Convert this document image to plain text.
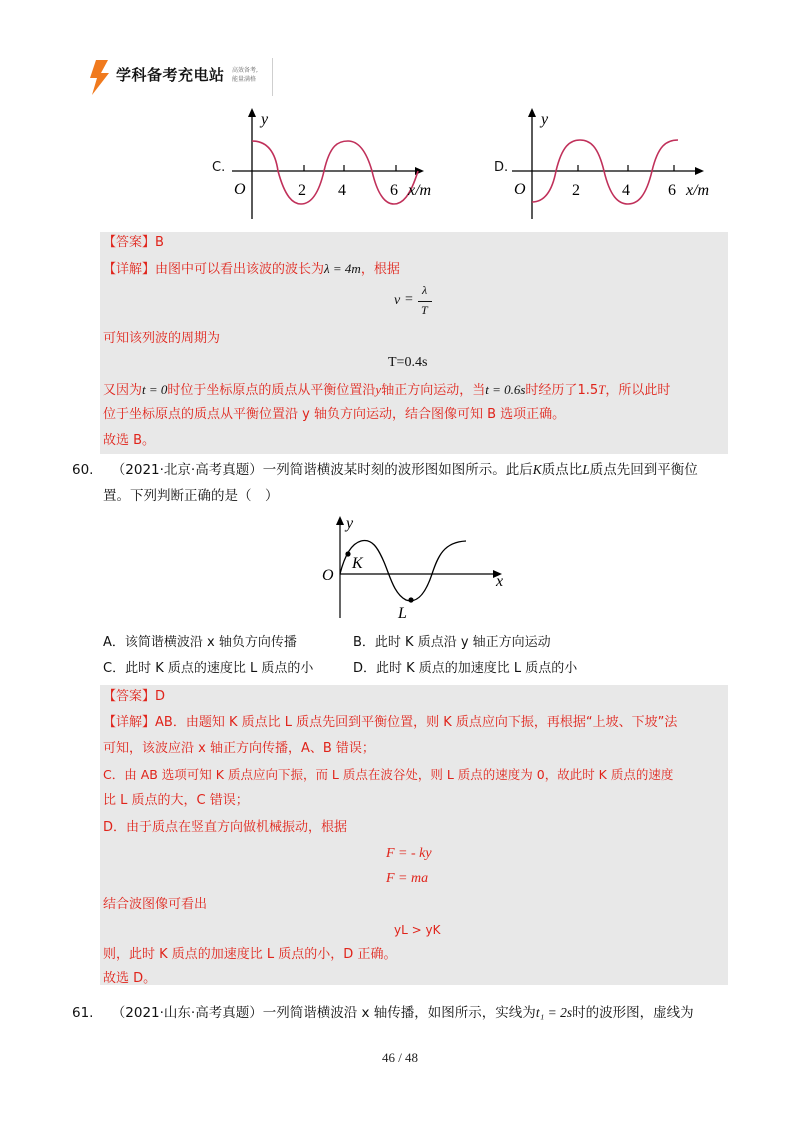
学科备考充电站 高效备考,
能量满格
C.
y
O	2 4	6 x/m
D.
y
O	2	4 6 x/m
【答案】B
【详解】由图中可以看出该波的波长为λ = 4m，根据
v =
λ
T
可知该列波的周期为
T=0.4s
又因为t = 0时位于坐标原点的质点从平衡位置沿y轴正方向运动，当t = 0.6s时经历了1.5T，所以此时
位于坐标原点的质点从平衡位置沿 y 轴负方向运动，结合图像可知 B 选项正确。
故选 B。
60. （2021·北京·高考真题）一列简谐横波某时刻的波形图如图所示。此后K质点比L质点先回到平衡位
置。下列判断正确的是（　）
y
O
K
L
x
A．该简谐横波沿 x 轴负方向传播	B．此时 K 质点沿 y 轴正方向运动
C．此时 K 质点的速度比 L 质点的小	D．此时 K 质点的加速度比 L 质点的小
【答案】D
【详解】AB．由题知 K 质点比 L 质点先回到平衡位置，则 K 质点应向下振，再根据“上坡、下坡”法
可知，该波应沿 x 轴正方向传播，A、B 错误；
C．由 AB 选项可知 K 质点应向下振，而 L 质点在波谷处，则 L 质点的速度为 0，故此时 K 质点的速度
比 L 质点的大，C 错误；
D．由于质点在竖直方向做机械振动，根据
F = - ky
F = ma
结合波图像可看出
yL > yK
则，此时 K 质点的加速度比 L 质点的小，D 正确。
故选 D。
61. （2021·山东·高考真题）一列简谐横波沿 x 轴传播，如图所示，实线为t₁ = 2s时的波形图，虚线为
46 / 48
